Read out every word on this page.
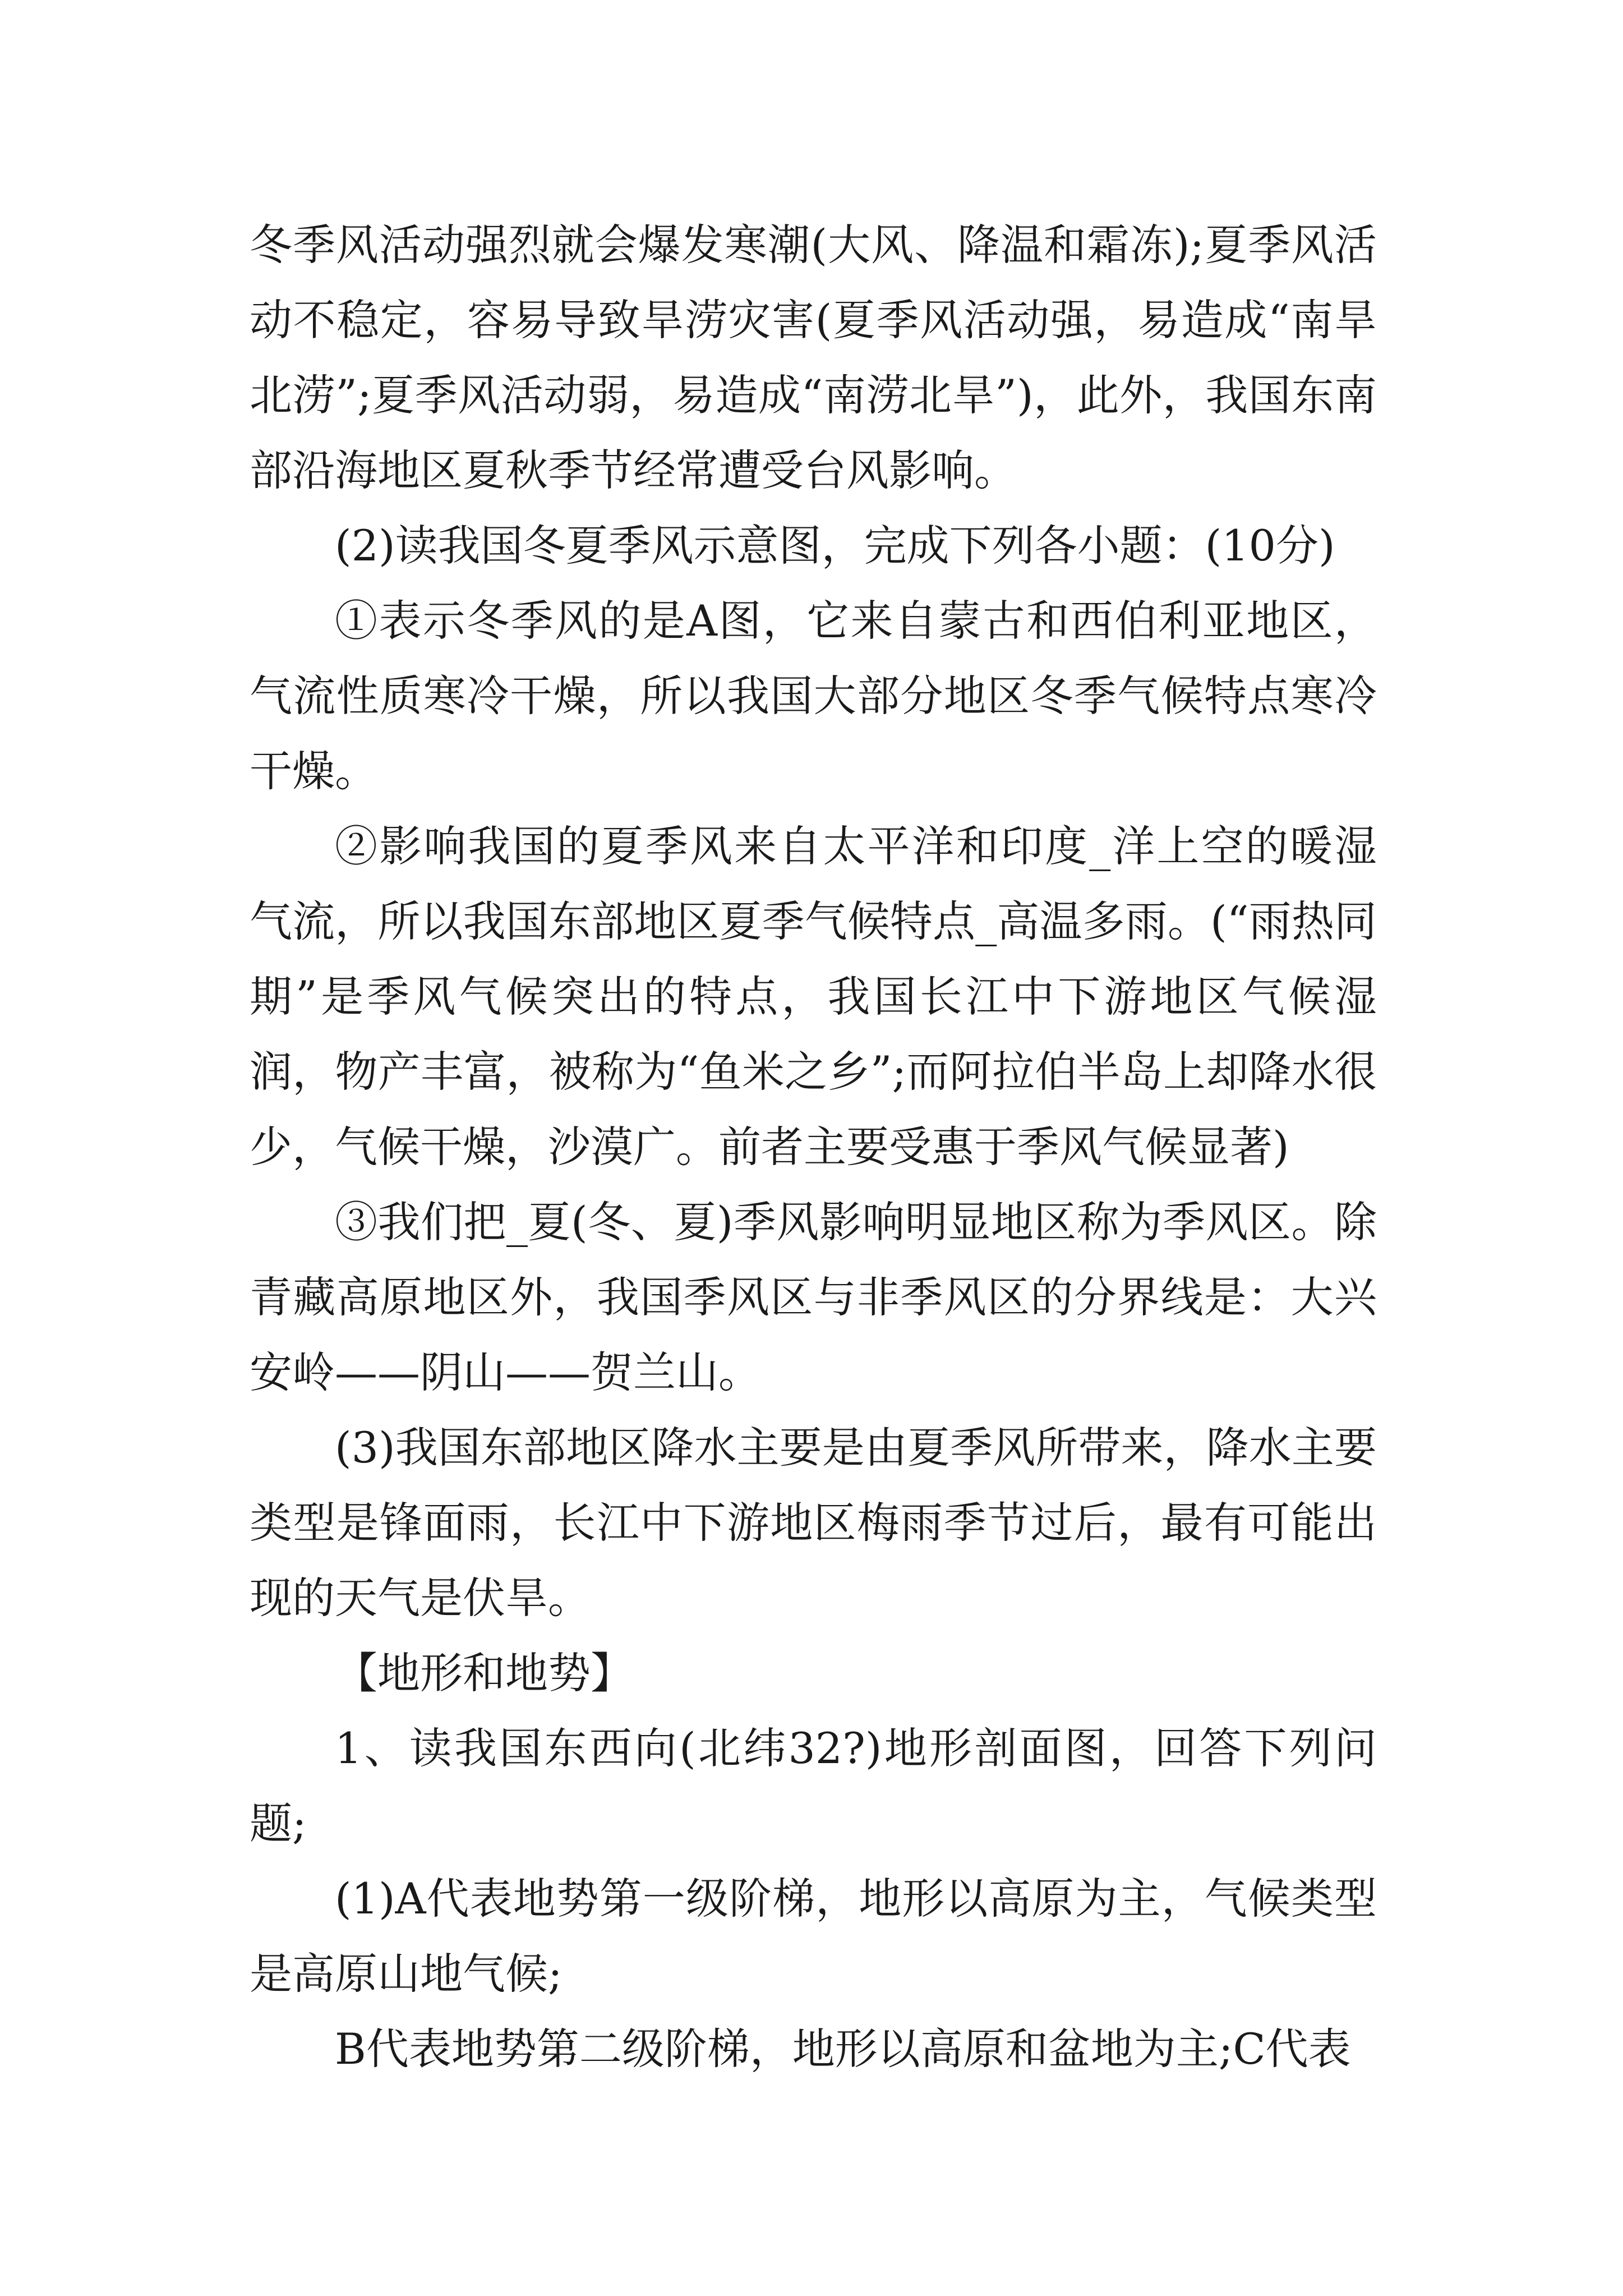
冬季风活动强烈就会爆发寒潮(大风、降温和霜冻);夏季风活动不稳定，容易导致旱涝灾害(夏季风活动强，易造成“南旱北涝”;夏季风活动弱，易造成“南涝北旱”)，此外，我国东南部沿海地区夏秋季节经常遭受台风影响。

(2)读我国冬夏季风示意图，完成下列各小题：(10分)

①表示冬季风的是A图，它来自蒙古和西伯利亚地区，气流性质寒冷干燥，所以我国大部分地区冬季气候特点寒冷干燥。

②影响我国的夏季风来自太平洋和印度_洋上空的暖湿气流，所以我国东部地区夏季气候特点_高温多雨。(“雨热同期”是季风气候突出的特点，我国长江中下游地区气候湿润，物产丰富，被称为“鱼米之乡”;而阿拉伯半岛上却降水很少，气候干燥，沙漠广。前者主要受惠于季风气候显著)

③我们把_夏(冬、夏)季风影响明显地区称为季风区。除青藏高原地区外，我国季风区与非季风区的分界线是：大兴安岭——阴山——贺兰山。

(3)我国东部地区降水主要是由夏季风所带来，降水主要类型是锋面雨，长江中下游地区梅雨季节过后，最有可能出现的天气是伏旱。

【地形和地势】

1、读我国东西向(北纬32?)地形剖面图，回答下列问题;

(1)A代表地势第一级阶梯，地形以高原为主，气候类型是高原山地气候;

B代表地势第二级阶梯，地形以高原和盆地为主;C代表
